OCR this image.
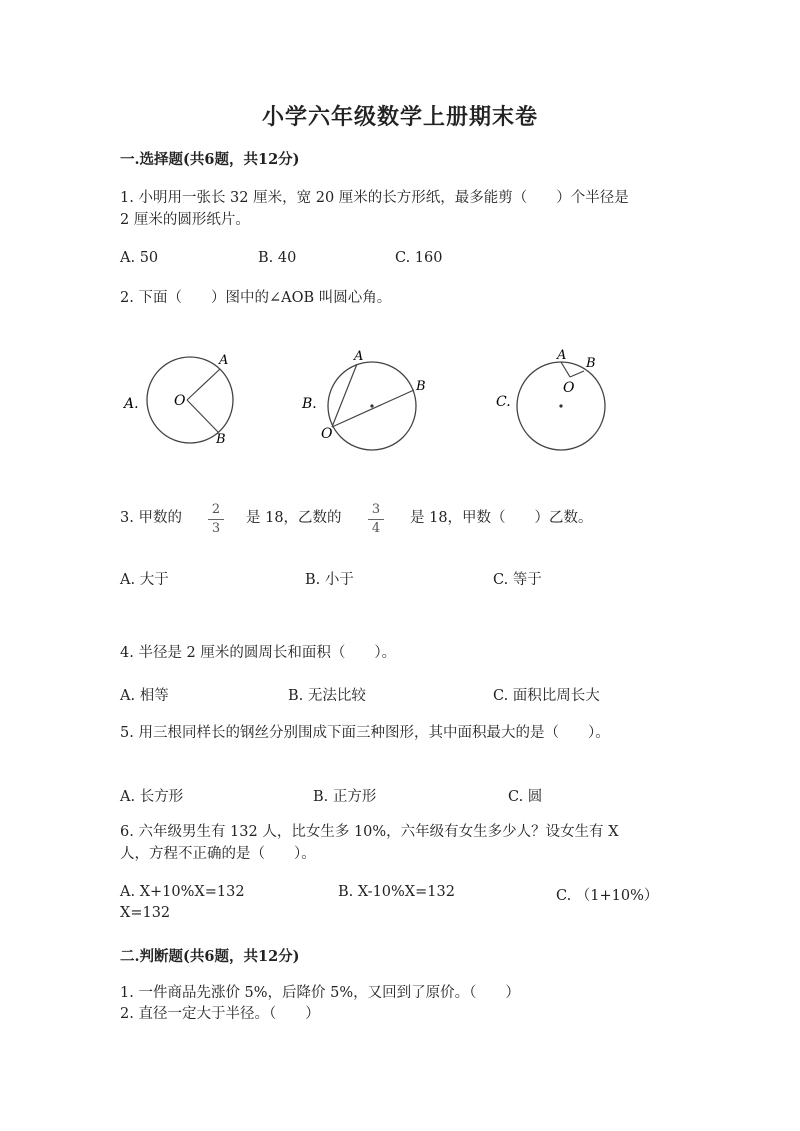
小学六年级数学上册期末卷
一.选择题(共6题，共12分)
1. 小明用一张长 32 厘米，宽 20 厘米的长方形纸，最多能剪（　　）个半径是
2 厘米的圆形纸片。
A. 50	B. 40	C. 160
2. 下面（　　）图中的∠AOB 叫圆心角。
A.	O
A
B
B.
O
A
B
C.
A
B
O
3. 甲数的
2
3
是 18，乙数的
3
4
是 18，甲数（　　）乙数。
A. 大于	B. 小于	C. 等于
4. 半径是 2 厘米的圆周长和面积（　　）。
A. 相等	B. 无法比较	C. 面积比周长大
5. 用三根同样长的钢丝分别围成下面三种图形，其中面积最大的是（　　）。
A. 长方形	B. 正方形	C. 圆
6. 六年级男生有 132 人，比女生多 10%，六年级有女生多少人？设女生有 X
人，方程不正确的是（　　）。
A. X+10%X=132	B. X-10%X=132	C. （1+10%）
X=132
二.判断题(共6题，共12分)
1. 一件商品先涨价 5%，后降价 5%，又回到了原价。（　　）
2. 直径一定大于半径。（　　）
